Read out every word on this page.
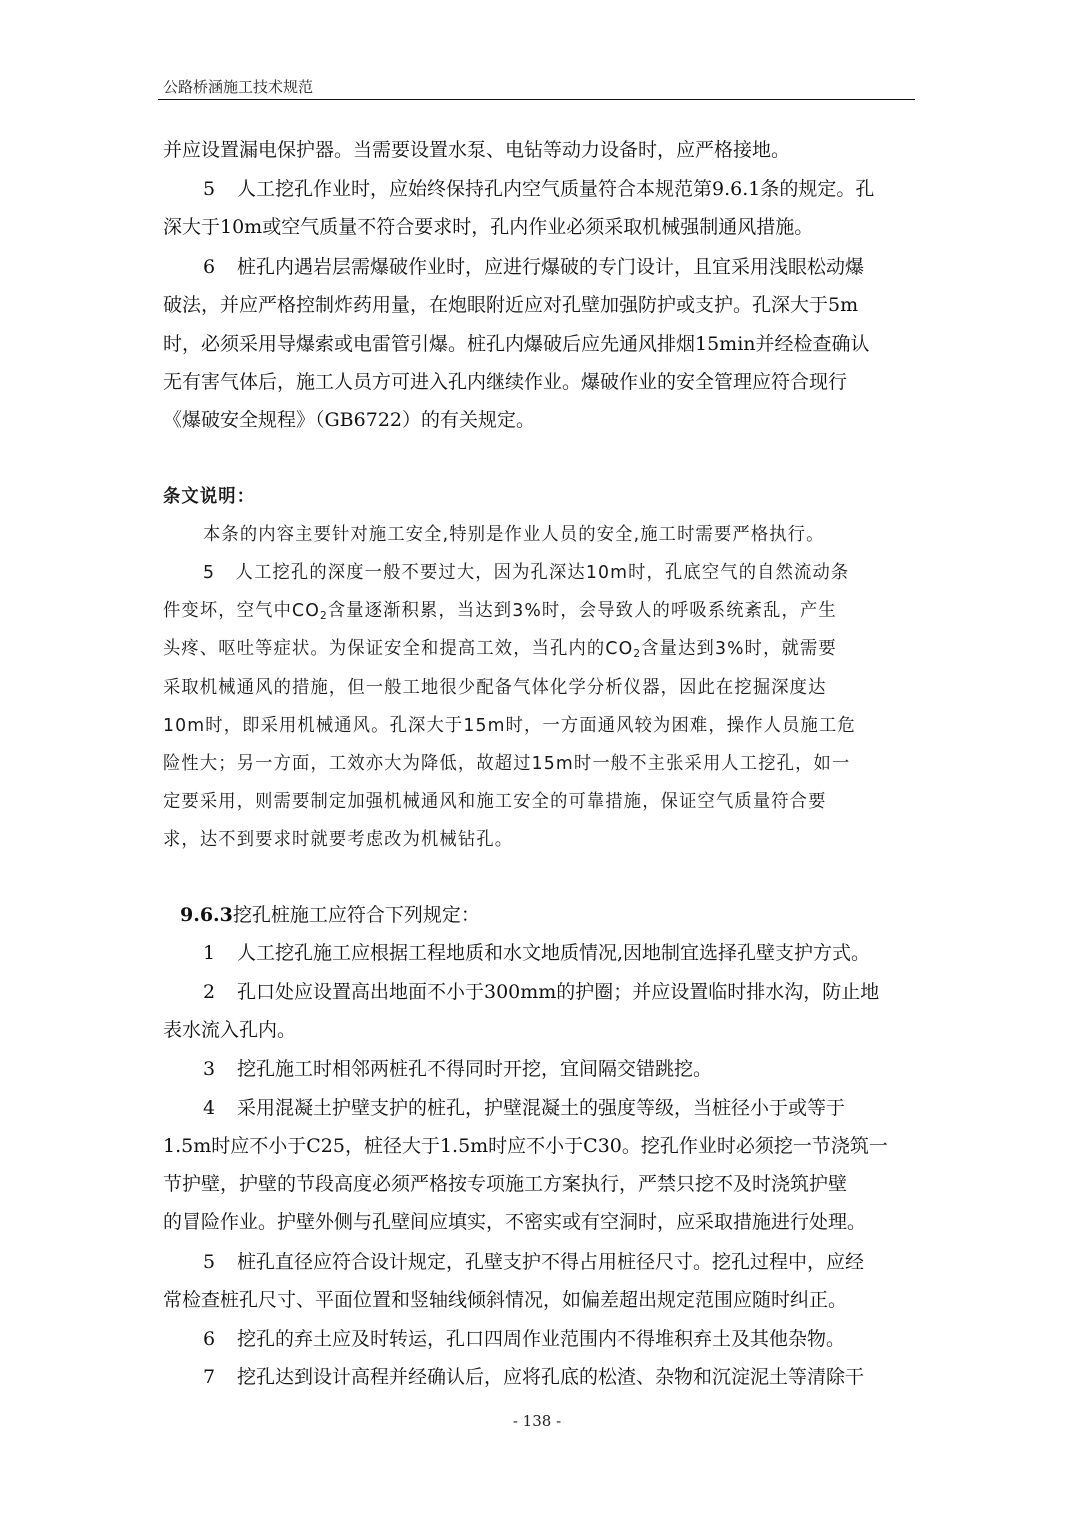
公路桥涵施工技术规范
并应设置漏电保护器。当需要设置水泵、电钻等动力设备时，应严格接地。
5 人工挖孔作业时，应始终保持孔内空气质量符合本规范第9.6.1条的规定。孔
深大于10m或空气质量不符合要求时，孔内作业必须采取机械强制通风措施。
6 桩孔内遇岩层需爆破作业时，应进行爆破的专门设计，且宜采用浅眼松动爆
破法，并应严格控制炸药用量，在炮眼附近应对孔壁加强防护或支护。孔深大于5m
时，必须采用导爆索或电雷管引爆。桩孔内爆破后应先通风排烟15min并经检查确认
无有害气体后，施工人员方可进入孔内继续作业。爆破作业的安全管理应符合现行
《爆破安全规程》（GB6722）的有关规定。
条文说明：
本条的内容主要针对施工安全,特别是作业人员的安全,施工时需要严格执行。
5 人工挖孔的深度一般不要过大，因为孔深达10m时，孔底空气的自然流动条
件变坏，空气中$CO_2$含量逐渐积累，当达到3%时，会导致人的呼吸系统紊乱，产生
头疼、呕吐等症状。为保证安全和提高工效，当孔内的$CO_2$含量达到3%时，就需要
采取机械通风的措施，但一般工地很少配备气体化学分析仪器，因此在挖掘深度达
10m时，即采用机械通风。孔深大于15m时，一方面通风较为困难，操作人员施工危
险性大；另一方面，工效亦大为降低，故超过15m时一般不主张采用人工挖孔，如一
定要采用，则需要制定加强机械通风和施工安全的可靠措施，保证空气质量符合要
求，达不到要求时就要考虑改为机械钻孔。
9.6.3挖孔桩施工应符合下列规定：
1 人工挖孔施工应根据工程地质和水文地质情况,因地制宜选择孔壁支护方式。
2 孔口处应设置高出地面不小于300mm的护圈；并应设置临时排水沟，防止地
表水流入孔内。
3 挖孔施工时相邻两桩孔不得同时开挖，宜间隔交错跳挖。
4 采用混凝土护壁支护的桩孔，护壁混凝土的强度等级，当桩径小于或等于
1.5m时应不小于C25，桩径大于1.5m时应不小于C30。挖孔作业时必须挖一节浇筑一
节护壁，护壁的节段高度必须严格按专项施工方案执行，严禁只挖不及时浇筑护壁
的冒险作业。护壁外侧与孔壁间应填实，不密实或有空洞时，应采取措施进行处理。
5 桩孔直径应符合设计规定，孔壁支护不得占用桩径尺寸。挖孔过程中，应经
常检查桩孔尺寸、平面位置和竖轴线倾斜情况，如偏差超出规定范围应随时纠正。
6 挖孔的弃土应及时转运，孔口四周作业范围内不得堆积弃土及其他杂物。
7 挖孔达到设计高程并经确认后，应将孔底的松渣、杂物和沉淀泥土等清除干
- 138 -
